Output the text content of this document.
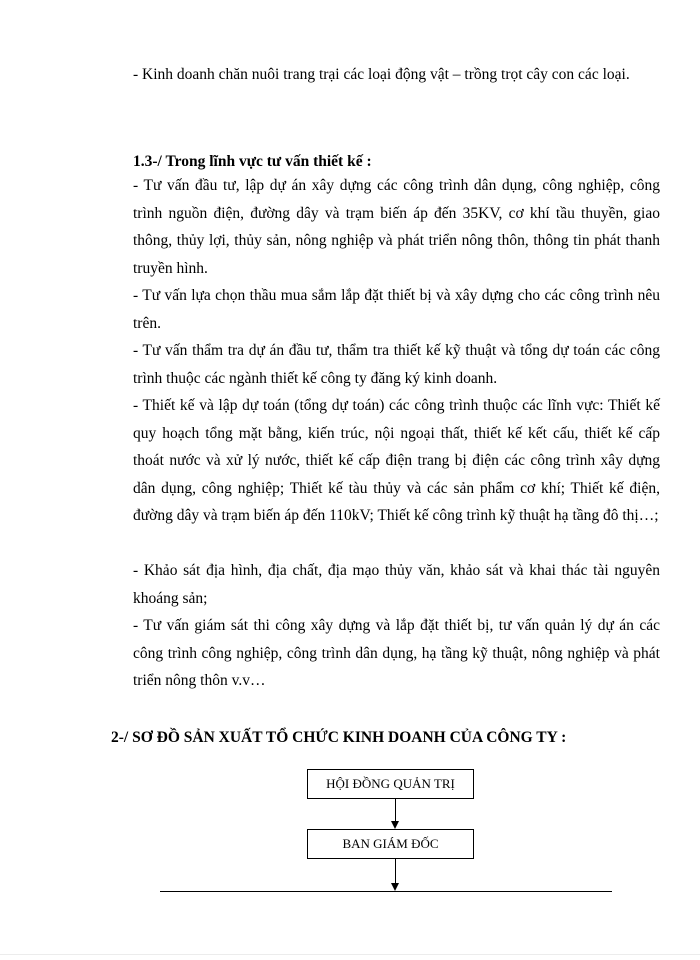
- Kinh doanh chăn nuôi trang trại các loại động vật – trồng trọt cây con các loại.
1.3-/ Trong lĩnh vực tư vấn thiết kế :
- Tư vấn đầu tư, lập dự án xây dựng các công trình dân dụng, công nghiệp, công trình nguồn điện, đường dây và trạm biến áp đến 35KV, cơ khí tầu thuyền, giao thông, thủy lợi, thủy sản, nông nghiệp và phát triển nông thôn, thông tin phát thanh truyền hình.
- Tư vấn lựa chọn thầu mua sắm lắp đặt thiết bị và xây dựng cho các công trình nêu trên.
- Tư vấn thẩm tra dự án đầu tư, thẩm tra thiết kế kỹ thuật và tổng dự toán các công trình thuộc các ngành thiết kế công ty đăng ký kinh doanh.
- Thiết kế và lập dự toán (tổng dự toán) các công trình thuộc các lĩnh vực: Thiết kế quy hoạch tổng mặt bằng, kiến trúc, nội ngoại thất, thiết kế kết cấu, thiết kế cấp thoát nước và xử lý nước, thiết kế cấp điện trang bị điện các công trình xây dựng dân dụng, công nghiệp; Thiết kế tàu thủy và các sản phẩm cơ khí; Thiết kế điện, đường dây và trạm biến áp đến 110kV; Thiết kế công trình kỹ thuật hạ tầng đô thị…;
- Khảo sát địa hình, địa chất, địa mạo thủy văn, khảo sát và khai thác tài nguyên khoáng sản;
- Tư vấn giám sát thi công xây dựng và lắp đặt thiết bị, tư vấn quản lý dự án các công trình công nghiệp, công trình dân dụng, hạ tầng kỹ thuật, nông nghiệp và phát triển nông thôn v.v…
2-/ SƠ ĐỒ SẢN XUẤT TỔ CHỨC KINH DOANH CỦA CÔNG TY :
HỘI ĐỒNG QUẢN TRỊ
BAN GIÁM ĐỐC
